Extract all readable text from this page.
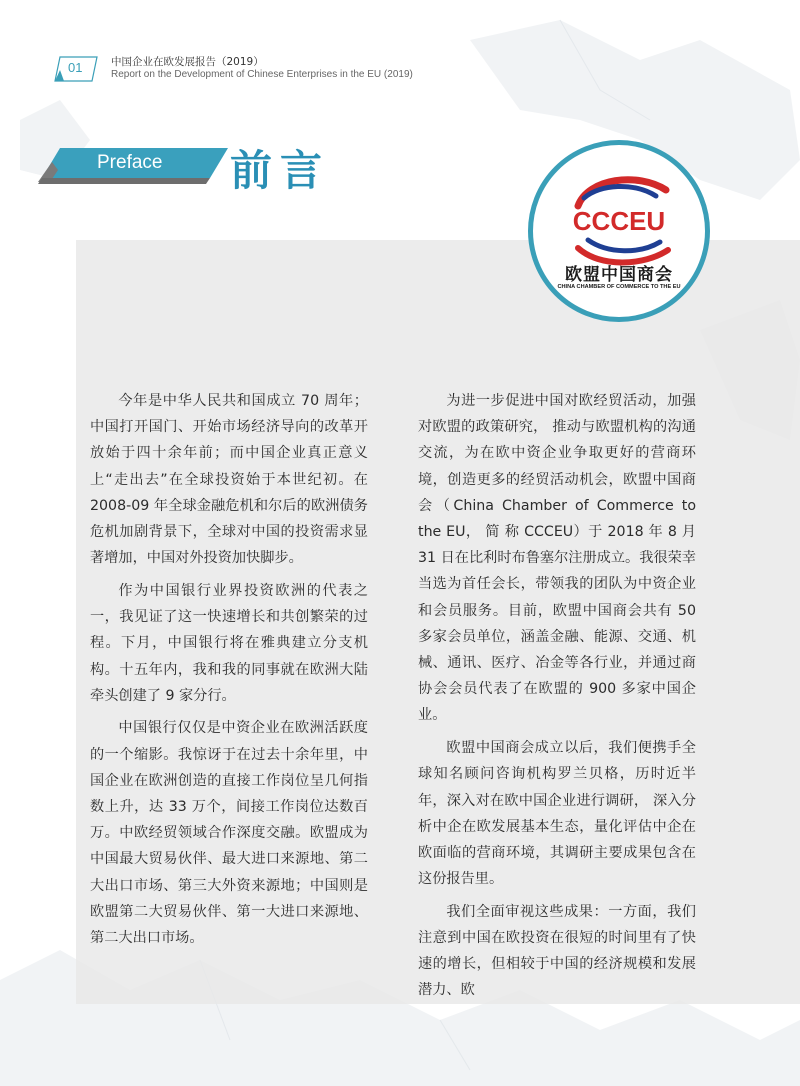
01	中国企业在欧发展报告（2019）
Report on the Development of Chinese Enterprises in the EU (2019)
Preface 前言
CCCEU
欧盟中国商会
CHINA CHAMBER OF COMMERCE TO THE EU

今年是中华人民共和国成立 70 周年；中国打开国门、开始市场经济导向的改革开放始于四十余年前；而中国企业真正意义上“走出去”在全球投资始于本世纪初。在 2008-09 年全球金融危机和尔后的欧洲债务危机加剧背景下，全球对中国的投资需求显著增加，中国对外投资加快脚步。

作为中国银行业界投资欧洲的代表之一，我见证了这一快速增长和共创繁荣的过程。下月，中国银行将在雅典建立分支机构。十五年内，我和我的同事就在欧洲大陆牵头创建了 9 家分行。

中国银行仅仅是中资企业在欧洲活跃度的一个缩影。我惊讶于在过去十余年里，中国企业在欧洲创造的直接工作岗位呈几何指数上升，达 33 万个，间接工作岗位达数百万。中欧经贸领域合作深度交融。欧盟成为中国最大贸易伙伴、最大进口来源地、第二大出口市场、第三大外资来源地；中国则是欧盟第二大贸易伙伴、第一大进口来源地、第二大出口市场。

为进一步促进中国对欧经贸活动，加强对欧盟的政策研究， 推动与欧盟机构的沟通交流，为在欧中资企业争取更好的营商环境，创造更多的经贸活动机会，欧盟中国商会（China Chamber of Commerce to the EU， 简 称 CCCEU）于 2018 年 8 月 31 日在比利时布鲁塞尔注册成立。我很荣幸当选为首任会长，带领我的团队为中资企业和会员服务。目前，欧盟中国商会共有 50 多家会员单位，涵盖金融、能源、交通、机械、通讯、医疗、冶金等各行业，并通过商协会会员代表了在欧盟的 900 多家中国企业。

欧盟中国商会成立以后，我们便携手全球知名顾问咨询机构罗兰贝格，历时近半年，深入对在欧中国企业进行调研， 深入分析中企在欧发展基本生态，量化评估中企在欧面临的营商环境，其调研主要成果包含在这份报告里。

我们全面审视这些成果：一方面，我们注意到中国在欧投资在很短的时间里有了快速的增长，但相较于中国的经济规模和发展潜力、欧
